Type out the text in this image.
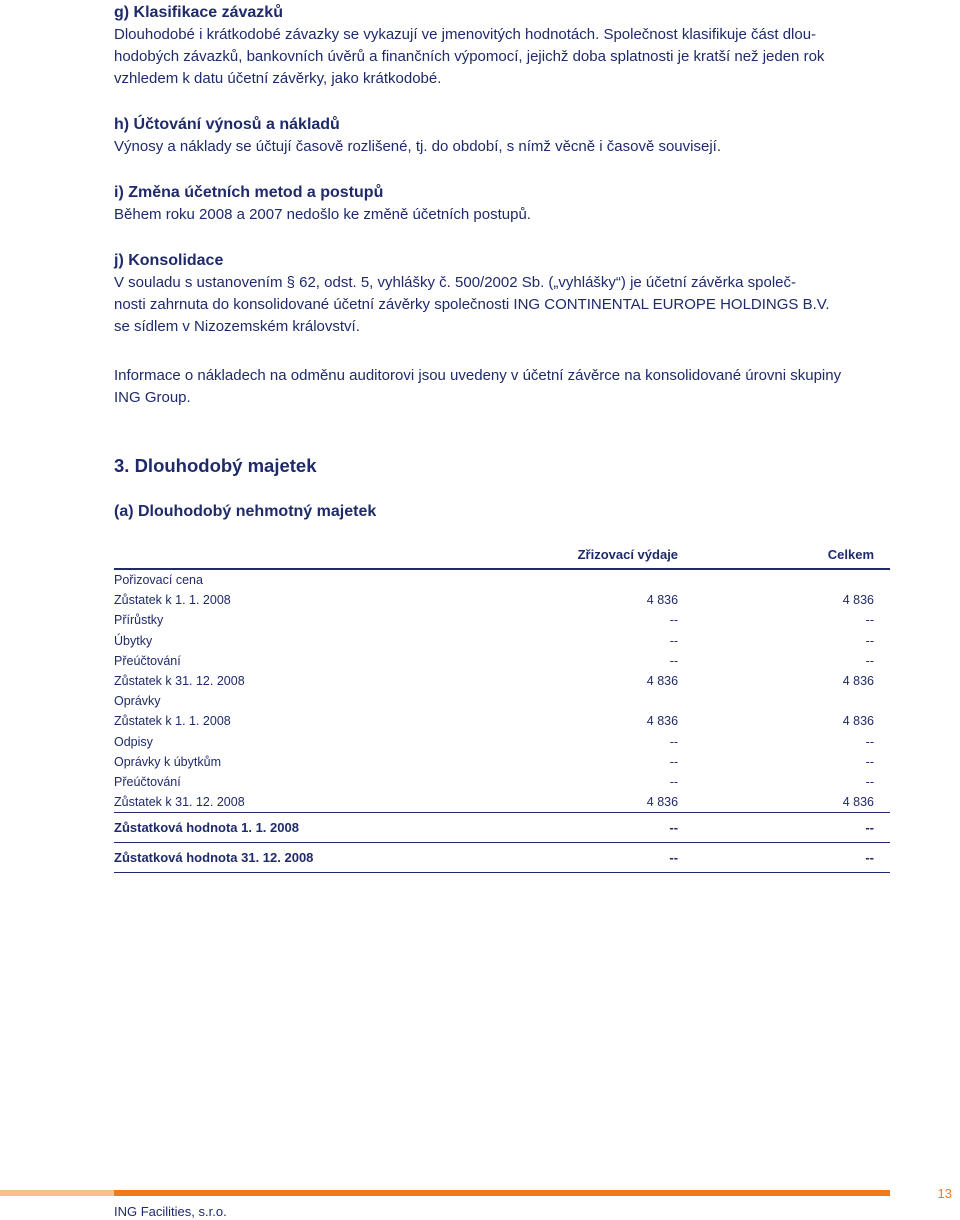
g) Klasifikace závazků

Dlouhodobé i krátkodobé závazky se vykazují ve jmenovitých hodnotách. Společnost klasifikuje část dlou-

hodobých závazků, bankovních úvěrů a finančních výpomocí, jejichž doba splatnosti je kratší než jeden rok

vzhledem k datu účetní závěrky, jako krátkodobé.

h) Účtování výnosů a nákladů

Výnosy a náklady se účtují časově rozlišené, tj. do období, s nímž věcně i časově souvisejí.

i) Změna účetních metod a postupů

Během roku 2008 a 2007 nedošlo ke změně účetních postupů.

j) Konsolidace

V souladu s ustanovením § 62, odst. 5, vyhlášky č. 500/2002 Sb. („vyhlášky“) je účetní závěrka společ-

nosti zahrnuta do konsolidované účetní závěrky společnosti ING CONTINENTAL EUROPE HOLDINGS B.V.

se sídlem v Nizozemském království.

Informace o nákladech na odměnu auditorovi jsou uvedeny v účetní závěrce na konsolidované úrovni skupiny

ING Group.

3. Dlouhodobý majetek

(a) Dlouhodobý nehmotný majetek

	Zřizovací výdaje	Celkem
Pořizovací cena		
Zůstatek k 1. 1. 2008	4 836	4 836
Přírůstky	--	--
Úbytky	--	--
Přeúčtování	--	--
Zůstatek k 31. 12. 2008	4 836	4 836
Oprávky		
Zůstatek k 1. 1. 2008	4 836	4 836
Odpisy	--	--
Oprávky k úbytkům	--	--
Přeúčtování	--	--
Zůstatek k 31. 12. 2008	4 836	4 836
Zůstatková hodnota 1. 1. 2008	--	--
Zůstatková hodnota 31. 12. 2008	--	--
ING Facilities, s.r.o.
13
